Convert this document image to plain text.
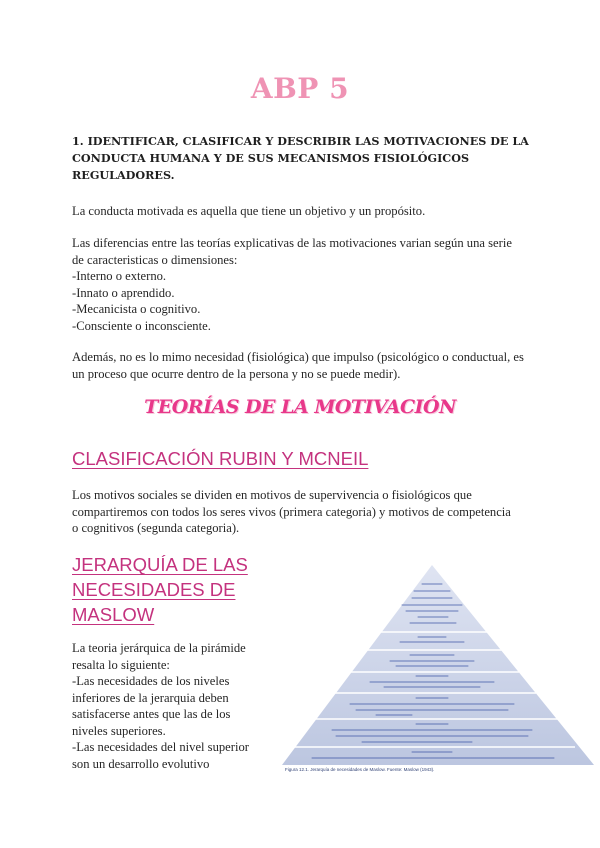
ABP 5
1. IDENTIFICAR, CLASIFICAR Y DESCRIBIR LAS MOTIVACIONES DE LA CONDUCTA HUMANA Y DE SUS MECANISMOS FISIOLÓGICOS REGULADORES.
La conducta motivada es aquella que tiene un objetivo y un propósito.
Las diferencias entre las teorías explicativas de las motivaciones varian según una serie
de caracteristicas o dimensiones:
-Interno o externo.
-Innato o aprendido.
-Mecanicista o cognitivo.
-Consciente o inconsciente.
Además, no es lo mimo necesidad (fisiológica) que impulso (psicológico o conductual, es
un proceso que ocurre dentro de la persona y no se puede medir).
TEORÍAS DE LA MOTIVACIÓN
CLASIFICACIÓN RUBIN Y MCNEIL
Los motivos sociales se dividen en motivos de supervivencia o fisiológicos que
compartiremos con todos los seres vivos (primera categoria) y motivos de competencia
o cognitivos (segunda categoria).
JERARQUÍA DE LAS
NECESIDADES DE
MASLOW
La teoria jerárquica de la pirámide
resalta lo siguiente:
-Las necesidades de los niveles
inferiores de la jerarquia deben
satisfacerse antes que las de los
niveles superiores.
-Las necesidades del nivel superior
son un desarrollo evolutivo	Figura 12.1. Jerarquía de necesidades de Maslow. Fuente: Maslow (1943).
